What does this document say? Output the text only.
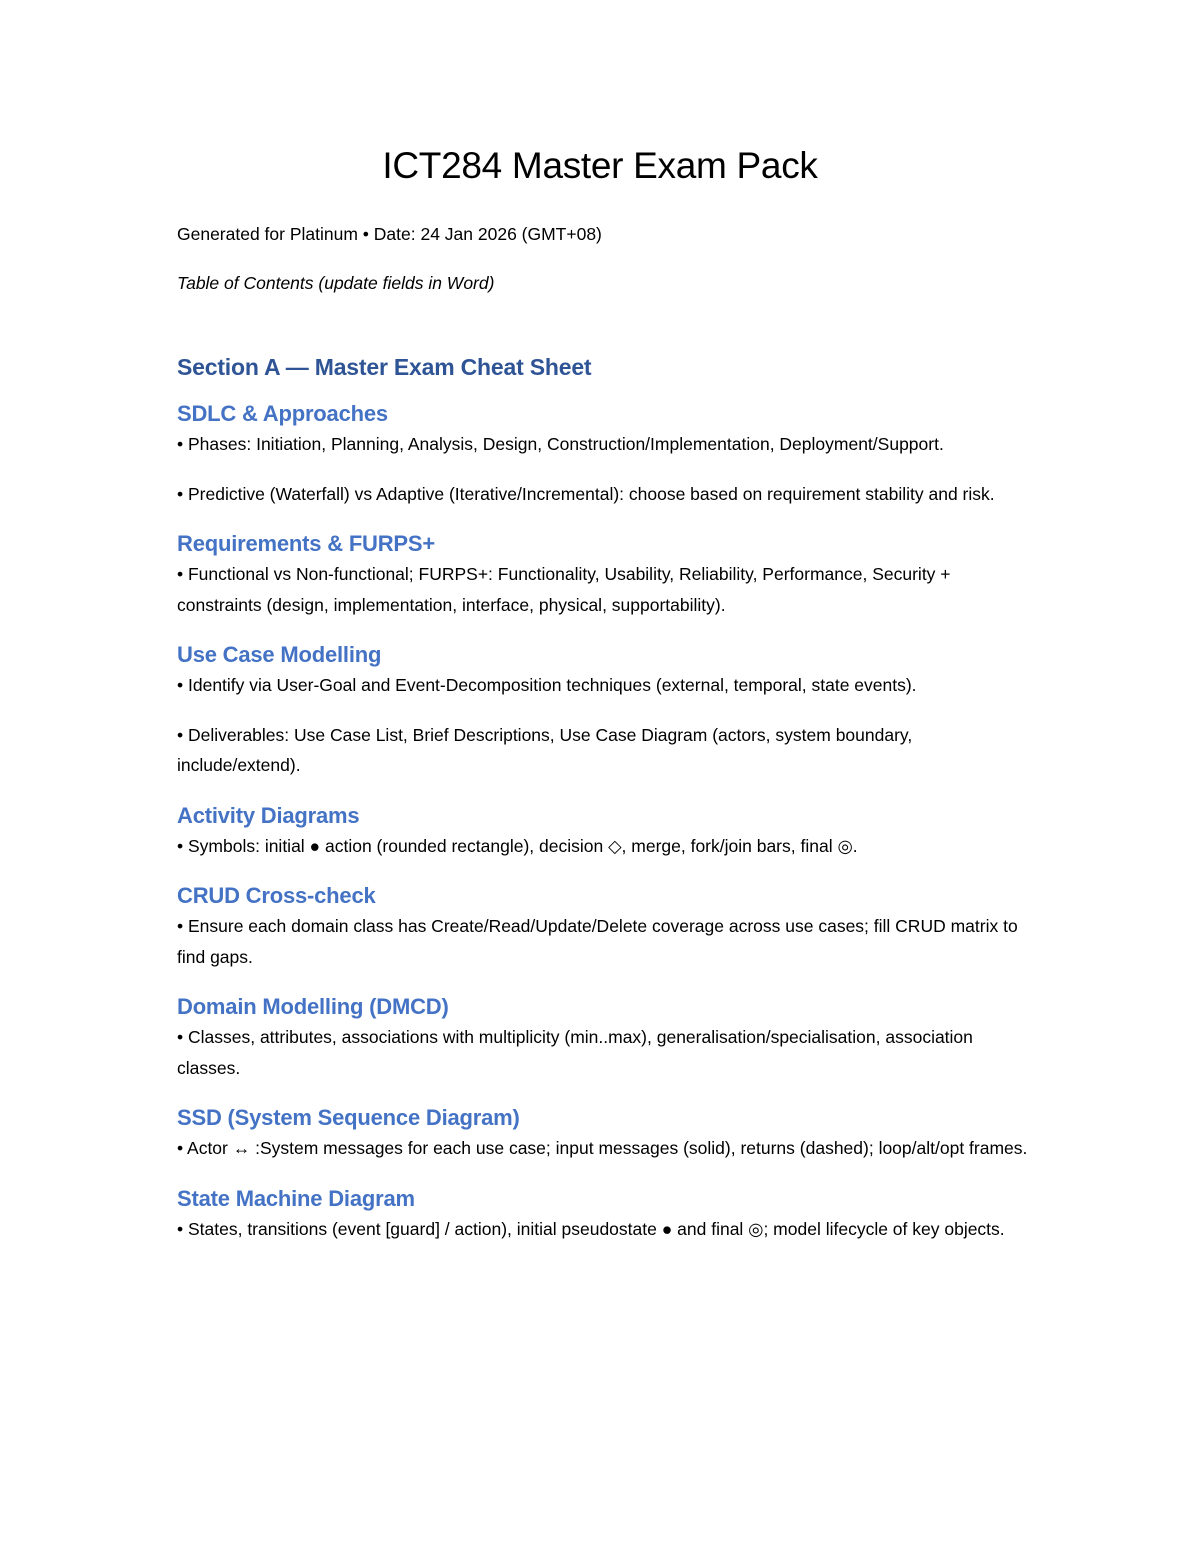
ICT284 Master Exam Pack

Generated for Platinum • Date: 24 Jan 2026 (GMT+08)

Table of Contents (update fields in Word)

Section A — Master Exam Cheat Sheet
SDLC & Approaches

• Phases: Initiation, Planning, Analysis, Design, Construction/Implementation, Deployment/Support.

• Predictive (Waterfall) vs Adaptive (Iterative/Incremental): choose based on requirement stability and risk.

Requirements & FURPS+

• Functional vs Non-functional; FURPS+: Functionality, Usability, Reliability, Performance, Security + constraints (design, implementation, interface, physical, supportability).

Use Case Modelling

• Identify via User-Goal and Event-Decomposition techniques (external, temporal, state events).

• Deliverables: Use Case List, Brief Descriptions, Use Case Diagram (actors, system boundary, include/extend).

Activity Diagrams

• Symbols: initial ● action (rounded rectangle), decision ◇, merge, fork/join bars, final ◎.

CRUD Cross-check

• Ensure each domain class has Create/Read/Update/Delete coverage across use cases; fill CRUD matrix to find gaps.

Domain Modelling (DMCD)

• Classes, attributes, associations with multiplicity (min..max), generalisation/specialisation, association classes.

SSD (System Sequence Diagram)

• Actor ↔ :System messages for each use case; input messages (solid), returns (dashed); loop/alt/opt frames.

State Machine Diagram

• States, transitions (event [guard] / action), initial pseudostate ● and final ◎; model lifecycle of key objects.
